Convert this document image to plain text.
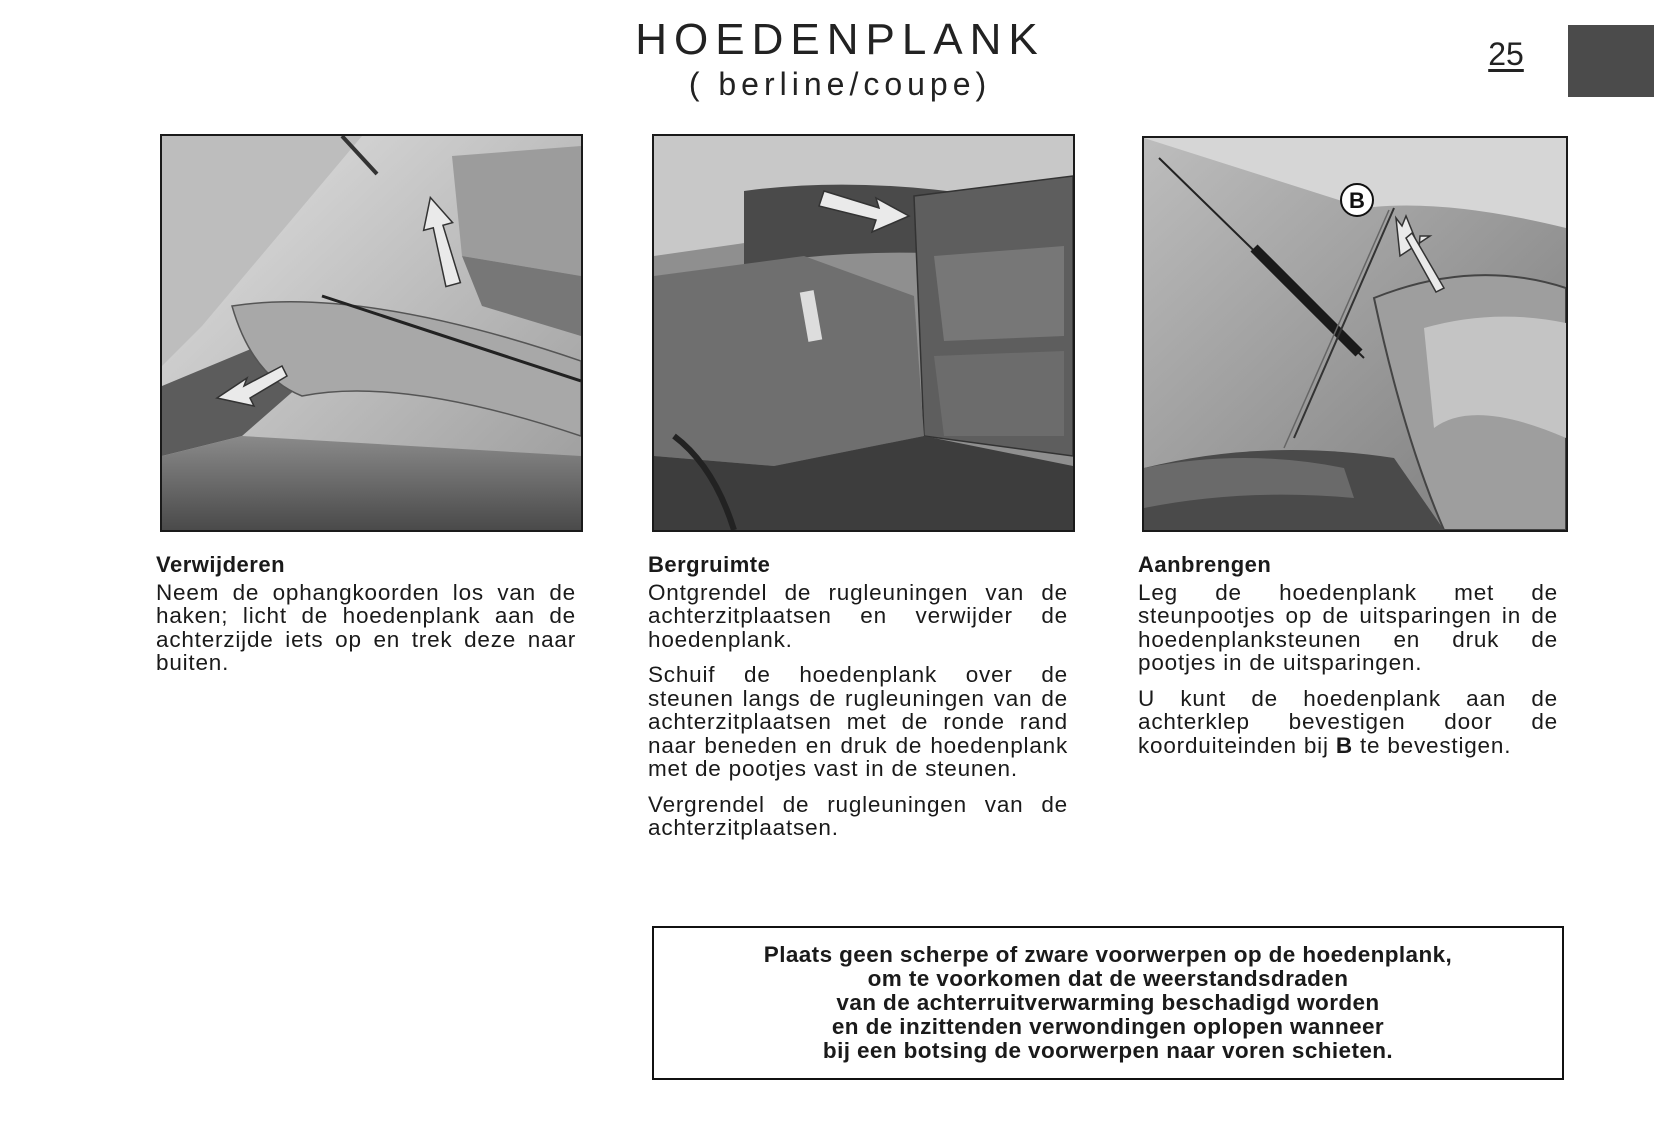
HOEDENPLANK
( berline/coupe)
25
B
Verwijderen

Neem de ophangkoorden los van de haken; licht de hoedenplank aan de achterzijde iets op en trek deze naar buiten.

Bergruimte

Ontgrendel de rugleuningen van de achterzitplaatsen en verwijder de hoedenplank.

Schuif de hoedenplank over de steunen langs de rugleuningen van de achterzitplaatsen met de ronde rand naar beneden en druk de hoedenplank met de pootjes vast in de steunen.

Vergrendel de rugleuningen van de achterzitplaatsen.

Aanbrengen

Leg de hoedenplank met de steunpootjes op de uitsparingen in de hoedenplanksteunen en druk de pootjes in de uitsparingen.

U kunt de hoedenplank aan de achterklep bevestigen door de koorduiteinden bij B te bevestigen.

Plaats geen scherpe of zware voorwerpen op de hoedenplank,
om te voorkomen dat de weerstandsdraden
van de achterruitverwarming beschadigd worden
en de inzittenden verwondingen oplopen wanneer
bij een botsing de voorwerpen naar voren schieten.
